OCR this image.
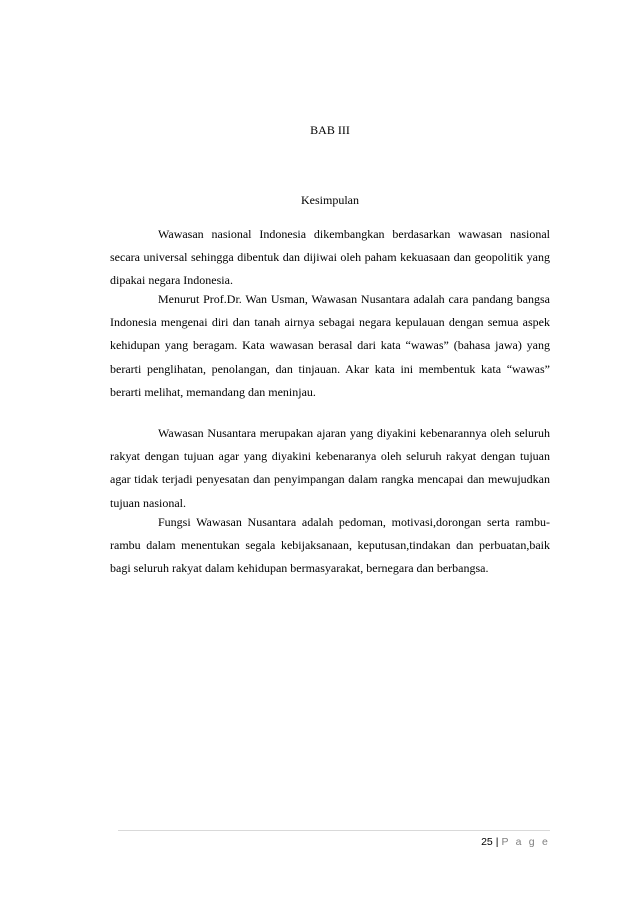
BAB III
Kesimpulan

Wawasan nasional Indonesia dikembangkan berdasarkan wawasan nasional secara universal sehingga dibentuk dan dijiwai oleh paham kekuasaan dan geopolitik yang dipakai negara Indonesia.

Menurut Prof.Dr. Wan Usman, Wawasan Nusantara adalah cara pandang bangsa Indonesia mengenai diri dan tanah airnya sebagai negara kepulauan dengan semua aspek kehidupan yang beragam. Kata wawasan berasal dari kata “wawas” (bahasa jawa) yang berarti penglihatan, penolangan, dan tinjauan. Akar kata ini membentuk kata “wawas” berarti melihat, memandang dan meninjau.

Wawasan Nusantara merupakan ajaran yang diyakini kebenarannya oleh seluruh rakyat dengan tujuan agar yang diyakini kebenaranya oleh seluruh rakyat dengan tujuan agar tidak terjadi penyesatan dan penyimpangan dalam rangka mencapai dan mewujudkan tujuan nasional.

Fungsi Wawasan Nusantara adalah pedoman, motivasi,dorongan serta rambu-rambu dalam menentukan segala kebijaksanaan, keputusan,tindakan dan perbuatan,baik bagi seluruh rakyat dalam kehidupan bermasyarakat, bernegara dan berbangsa.

25 | P a g e
